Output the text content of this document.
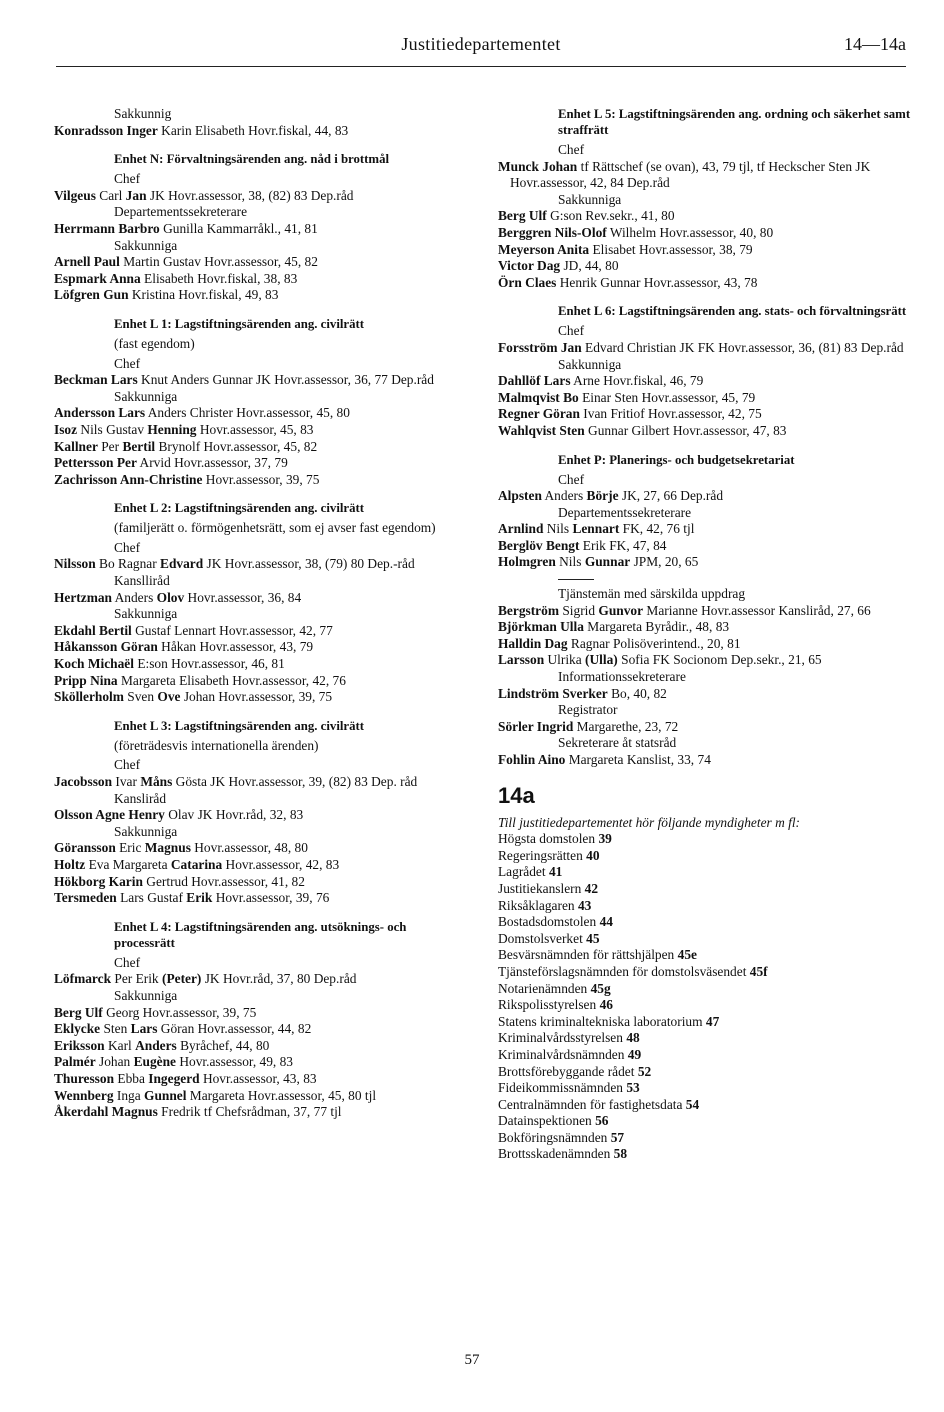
Justitiedepartementet	14—14a

Sakkunnig

Konradsson Inger Karin Elisabeth Hovr.fiskal, 44, 83

Enhet N: Förvaltningsärenden ang. nåd i brottmål

Chef

Vilgeus Carl Jan JK Hovr.assessor, 38, (82) 83 Dep.råd

Departementssekreterare

Herrmann Barbro Gunilla Kammarråkl., 41, 81

Sakkunniga

Arnell Paul Martin Gustav Hovr.assessor, 45, 82

Espmark Anna Elisabeth Hovr.fiskal, 38, 83

Löfgren Gun Kristina Hovr.fiskal, 49, 83

Enhet L 1: Lagstiftningsärenden ang. civilrätt

(fast egendom)

Chef

Beckman Lars Knut Anders Gunnar JK Hovr.assessor, 36, 77 Dep.råd

Sakkunniga

Andersson Lars Anders Christer Hovr.assessor, 45, 80

Isoz Nils Gustav Henning Hovr.assessor, 45, 83

Kallner Per Bertil Brynolf Hovr.assessor, 45, 82

Pettersson Per Arvid Hovr.assessor, 37, 79

Zachrisson Ann-Christine Hovr.assessor, 39, 75

Enhet L 2: Lagstiftningsärenden ang. civilrätt

(familjerätt o. förmögenhetsrätt, som ej avser fast egendom)

Chef

Nilsson Bo Ragnar Edvard JK Hovr.assessor, 38, (79) 80 Dep.-råd

Kanslliråd

Hertzman Anders Olov Hovr.assessor, 36, 84

Sakkunniga

Ekdahl Bertil Gustaf Lennart Hovr.assessor, 42, 77

Håkansson Göran Håkan Hovr.assessor, 43, 79

Koch Michaël E:son Hovr.assessor, 46, 81

Pripp Nina Margareta Elisabeth Hovr.assessor, 42, 76

Sköllerholm Sven Ove Johan Hovr.assessor, 39, 75

Enhet L 3: Lagstiftningsärenden ang. civilrätt

(företrädesvis internationella ärenden)

Chef

Jacobsson Ivar Måns Gösta JK Hovr.assessor, 39, (82) 83 Dep. råd

Kansliråd

Olsson Agne Henry Olav JK Hovr.råd, 32, 83

Sakkunniga

Göransson Eric Magnus Hovr.assessor, 48, 80

Holtz Eva Margareta Catarina Hovr.assessor, 42, 83

Hökborg Karin Gertrud Hovr.assessor, 41, 82

Tersmeden Lars Gustaf Erik Hovr.assessor, 39, 76

Enhet L 4: Lagstiftningsärenden ang. utsöknings- och processrätt

Chef

Löfmarck Per Erik (Peter) JK Hovr.råd, 37, 80 Dep.råd

Sakkunniga

Berg Ulf Georg Hovr.assessor, 39, 75

Eklycke Sten Lars Göran Hovr.assessor, 44, 82

Eriksson Karl Anders Byråchef, 44, 80

Palmér Johan Eugène Hovr.assessor, 49, 83

Thuresson Ebba Ingegerd Hovr.assessor, 43, 83

Wennberg Inga Gunnel Margareta Hovr.assessor, 45, 80 tjl

Åkerdahl Magnus Fredrik tf Chefsrådman, 37, 77 tjl

Enhet L 5: Lagstiftningsärenden ang. ordning och säkerhet samt straffrätt

Chef

Munck Johan tf Rättschef (se ovan), 43, 79 tjl, tf Heckscher Sten JK Hovr.assessor, 42, 84 Dep.råd

Sakkunniga

Berg Ulf G:son Rev.sekr., 41, 80

Berggren Nils-Olof Wilhelm Hovr.assessor, 40, 80

Meyerson Anita Elisabet Hovr.assessor, 38, 79

Victor Dag JD, 44, 80

Örn Claes Henrik Gunnar Hovr.assessor, 43, 78

Enhet L 6: Lagstiftningsärenden ang. stats- och förvaltningsrätt

Chef

Forsström Jan Edvard Christian JK FK Hovr.assessor, 36, (81) 83 Dep.råd

Sakkunniga

Dahllöf Lars Arne Hovr.fiskal, 46, 79

Malmqvist Bo Einar Sten Hovr.assessor, 45, 79

Regner Göran Ivan Fritiof Hovr.assessor, 42, 75

Wahlqvist Sten Gunnar Gilbert Hovr.assessor, 47, 83

Enhet P: Planerings- och budgetsekretariat

Chef

Alpsten Anders Börje JK, 27, 66 Dep.råd

Departementssekreterare

Arnlind Nils Lennart FK, 42, 76 tjl

Berglöv Bengt Erik FK, 47, 84

Holmgren Nils Gunnar JPM, 20, 65

Tjänstemän med särskilda uppdrag

Bergström Sigrid Gunvor Marianne Hovr.assessor Kansliråd, 27, 66

Björkman Ulla Margareta Byrådir., 48, 83

Halldin Dag Ragnar Polisöverintend., 20, 81

Larsson Ulrika (Ulla) Sofia FK Socionom Dep.sekr., 21, 65

Informationssekreterare

Lindström Sverker Bo, 40, 82

Registrator

Sörler Ingrid Margarethe, 23, 72

Sekreterare åt statsråd

Fohlin Aino Margareta Kanslist, 33, 74

14a

Till justitiedepartementet hör följande myndigheter m fl:

Högsta domstolen 39

Regeringsrätten 40

Lagrådet 41

Justitiekanslern 42

Riksåklagaren 43

Bostadsdomstolen 44

Domstolsverket 45

Besvärsnämnden för rättshjälpen 45e

Tjänsteförslagsnämnden för domstolsväsendet 45f

Notarienämnden 45g

Rikspolisstyrelsen 46

Statens kriminaltekniska laboratorium 47

Kriminalvårdsstyrelsen 48

Kriminalvårdsnämnden 49

Brottsförebyggande rådet 52

Fideikommissnämnden 53

Centralnämnden för fastighetsdata 54

Datainspektionen 56

Bokföringsnämnden 57

Brottsskadenämnden 58

57
